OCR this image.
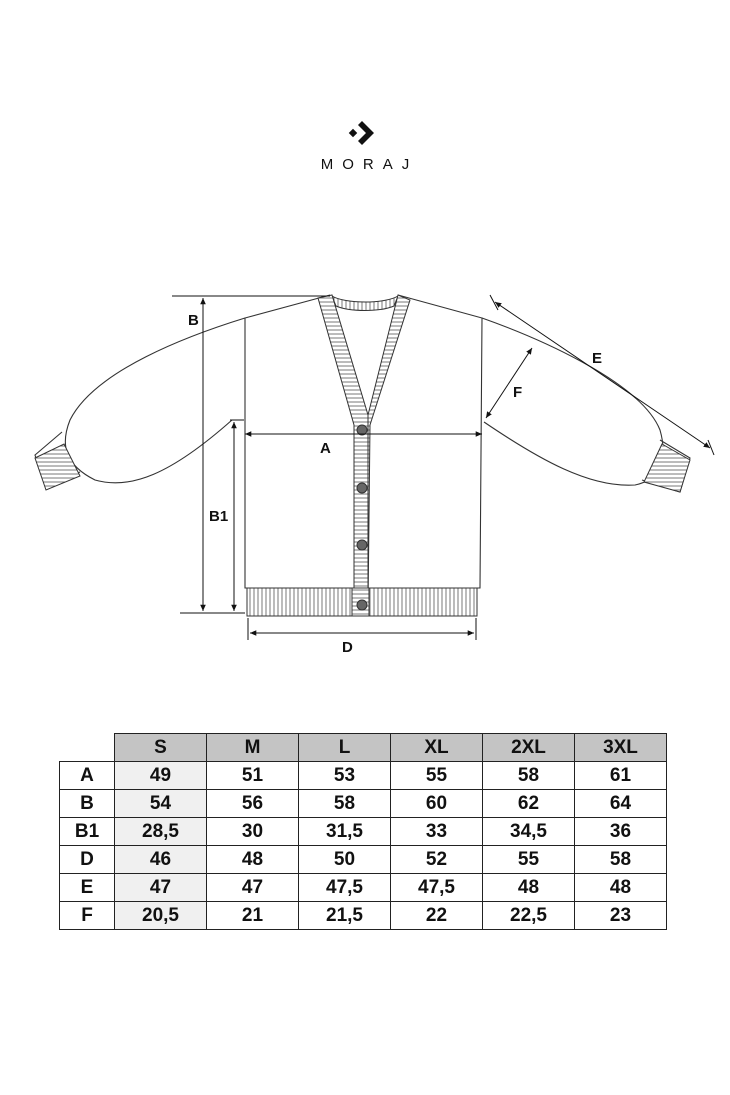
MORAJ
B
B1
A
D
E
F
	S	M	L	XL	2XL	3XL
A	49	51	53	55	58	61
B	54	56	58	60	62	64
B1	28,5	30	31,5	33	34,5	36
D	46	48	50	52	55	58
E	47	47	47,5	47,5	48	48
F	20,5	21	21,5	22	22,5	23
